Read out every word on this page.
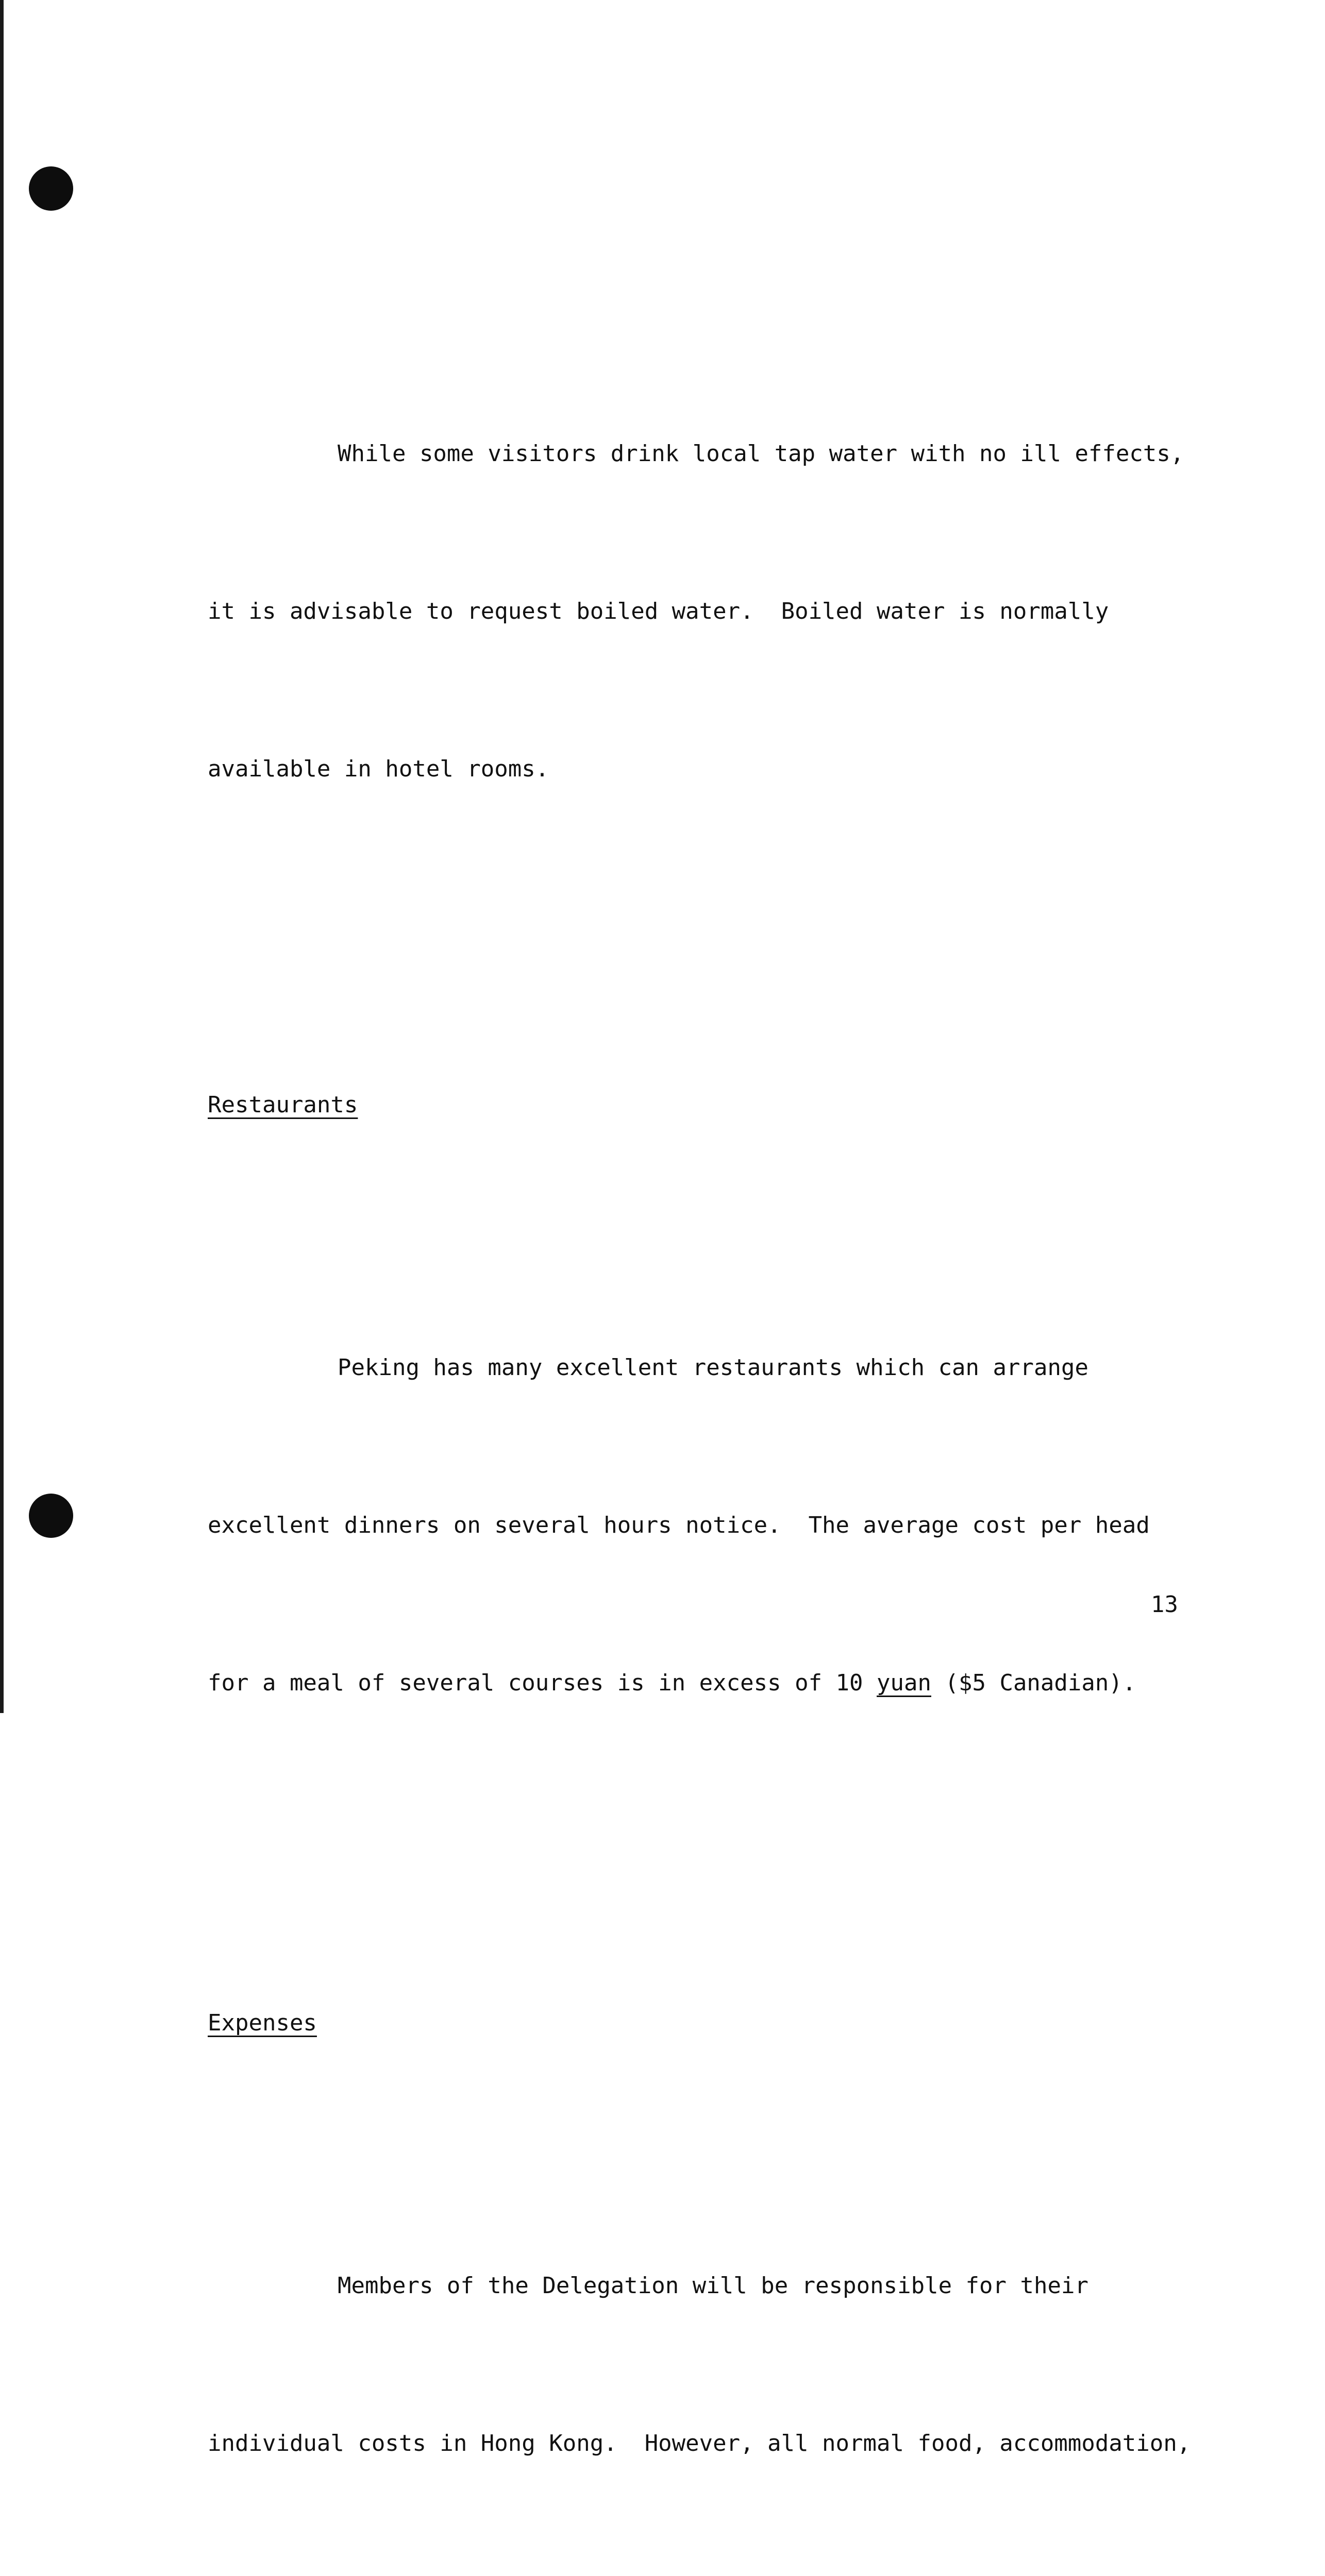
While some visitors drink local tap water with no ill effects,

it is advisable to request boiled water.  Boiled water is normally

available in hotel rooms.

Restaurants

Peking has many excellent restaurants which can arrange

excellent dinners on several hours notice.  The average cost per head

for a meal of several courses is in excess of 10 yuan ($5 Canadian).

Expenses

Members of the Delegation will be responsible for their

individual costs in Hong Kong.  However, all normal food, accommodation,

13
